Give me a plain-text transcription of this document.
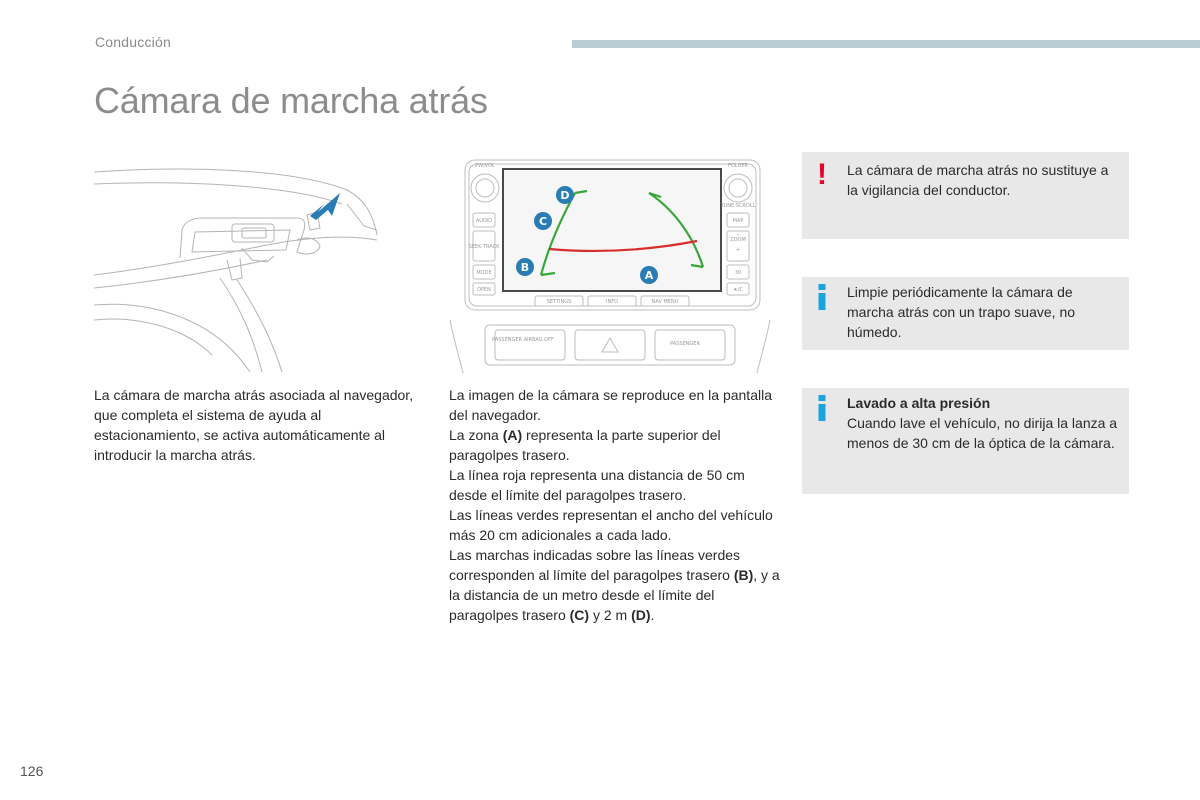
Conducción
Cámara de marcha atrás
PW/VOL
AUDIO
SEEK TRACK
MODE
OPEN
FOLDER
TUNE SCROLL
MAP
ZOOM
+
−
30
★/C
SETTINGS	INFO	NAV MENU
PASSENGER AIRBAG OFF
PASSENGER
D
C
B
A

La cámara de marcha atrás asociada al navegador, que completa el sistema de ayuda al estacionamiento, se activa automáticamente al introducir la marcha atrás.

La imagen de la cámara se reproduce en la pantalla del navegador.

La zona (A) representa la parte superior del paragolpes trasero.

La línea roja representa una distancia de 50 cm desde el límite del paragolpes trasero.

Las líneas verdes representan el ancho del vehículo más 20 cm adicionales a cada lado.

Las marchas indicadas sobre las líneas verdes corresponden al límite del paragolpes trasero (B), y a la distancia de un metro desde el límite del paragolpes trasero (C) y 2 m (D).

! La cámara de marcha atrás no sustituye a la vigilancia del conductor.
Limpie periódicamente la cámara de marcha atrás con un trapo suave, no húmedo.
Lavado a alta presión
Cuando lave el vehículo, no dirija la lanza a menos de 30 cm de la óptica de la cámara.
126
